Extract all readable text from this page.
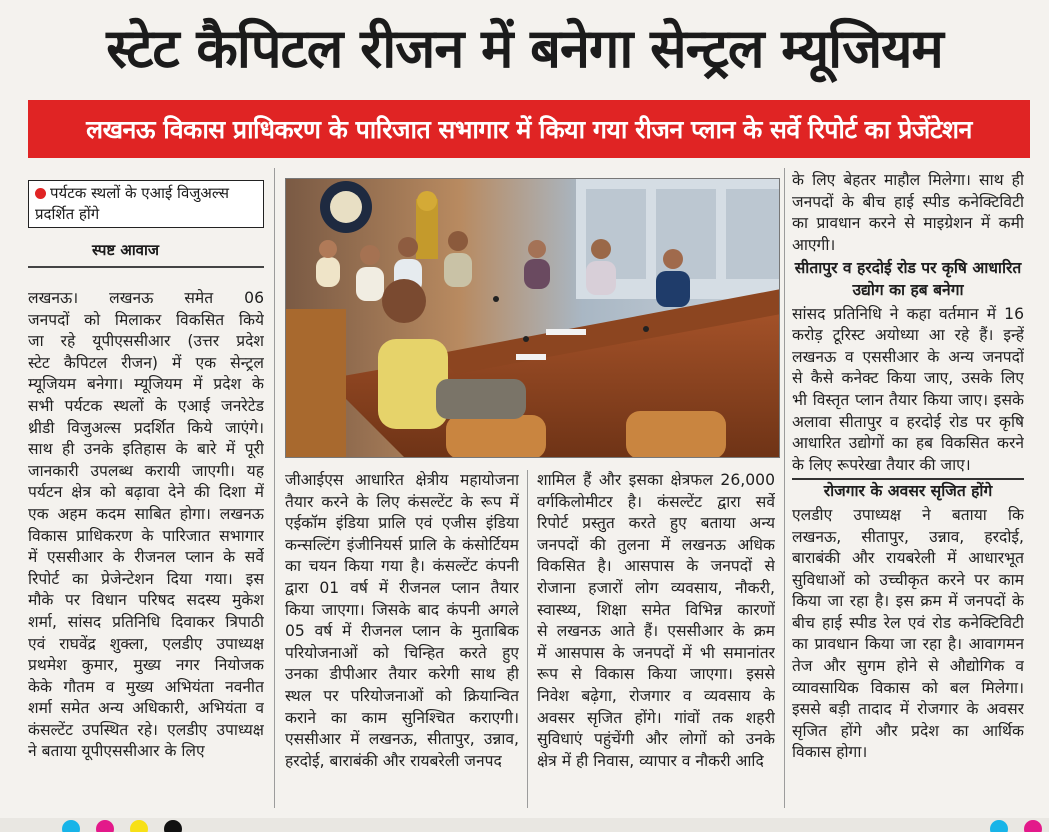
स्टेट कैपिटल रीजन में बनेगा सेन्ट्रल म्यूजियम
लखनऊ विकास प्राधिकरण के पारिजात सभागार में किया गया रीजन प्लान के सर्वे रिपोर्ट का प्रेजेंटेशन
पर्यटक स्थलों के एआई विजुअल्स
प्रदर्शित होंगे
स्पष्ट आवाज
लखनऊ। लखनऊ समेत 06
जनपदों को मिलाकर विकसित किये
जा रहे यूपीएससीआर (उत्तर प्रदेश
स्टेट कैपिटल रीजन) में एक सेन्ट्रल
म्यूजियम बनेगा। म्यूजियम में प्रदेश के
सभी पर्यटक स्थलों के एआई जनरेटेड
थ्रीडी विजुअल्स प्रदर्शित किये जाएंगे।
साथ ही उनके इतिहास के बारे में पूरी
जानकारी उपलब्ध करायी जाएगी। यह
पर्यटन क्षेत्र को बढ़ावा देने की दिशा में
एक अहम कदम साबित होगा। लखनऊ
विकास प्राधिकरण के पारिजात सभागार
में एससीआर के रीजनल प्लान के सर्वे
रिपोर्ट का प्रेजेन्टेशन दिया गया। इस
मौके पर विधान परिषद सदस्य मुकेश
शर्मा, सांसद प्रतिनिधि दिवाकर त्रिपाठी
एवं राघवेंद्र शुक्ला, एलडीए उपाध्यक्ष
प्रथमेश कुमार, मुख्य नगर नियोजक
केके गौतम व मुख्य अभियंता नवनीत
शर्मा समेत अन्य अधिकारी, अभियंता व
कंसल्टेंट उपस्थित रहे। एलडीए उपाध्यक्ष
ने बताया यूपीएससीआर के लिए
जीआईएस आधारित क्षेत्रीय महायोजना
तैयार करने के लिए कंसल्टेंट के रूप में
एईकॉम इंडिया प्रालि एवं एजीस इंडिया
कन्सल्टिंग इंजीनियर्स प्रालि के कंसोर्टियम
का चयन किया गया है। कंसल्टेंट कंपनी
द्वारा 01 वर्ष में रीजनल प्लान तैयार
किया जाएगा। जिसके बाद कंपनी अगले
05 वर्ष में रीजनल प्लान के मुताबिक
परियोजनाओं को चिन्हित करते हुए
उनका डीपीआर तैयार करेगी साथ ही
स्थल पर परियोजनाओं को क्रियान्वित
कराने का काम सुनिश्चित कराएगी।
एससीआर में लखनऊ, सीतापुर, उन्नाव,
हरदोई, बाराबंकी और रायबरेली जनपद
शामिल हैं और इसका क्षेत्रफल 26,000
वर्गकिलोमीटर है। कंसल्टेंट द्वारा सर्वे
रिपोर्ट प्रस्तुत करते हुए बताया अन्य
जनपदों की तुलना में लखनऊ अधिक
विकसित है। आसपास के जनपदों से
रोजाना हजारों लोग व्यवसाय, नौकरी,
स्वास्थ्य, शिक्षा समेत विभिन्न कारणों
से लखनऊ आते हैं। एससीआर के क्रम
में आसपास के जनपदों में भी समानांतर
रूप से विकास किया जाएगा। इससे
निवेश बढ़ेगा, रोजगार व व्यवसाय के
अवसर सृजित होंगे। गांवों तक शहरी
सुविधाएं पहुंचेंगी और लोगों को उनके
क्षेत्र में ही निवास, व्यापार व नौकरी आदि
के लिए बेहतर माहौल मिलेगा। साथ ही
जनपदों के बीच हाई स्पीड कनेक्टिविटी
का प्रावधान करने से माइग्रेशन में कमी
आएगी।
सीतापुर व हरदोई रोड पर कृषि आधारित उद्योग का हब बनेगा
सांसद प्रतिनिधि ने कहा वर्तमान में 16
करोड़ टूरिस्ट अयोध्या आ रहे हैं। इन्हें
लखनऊ व एससीआर के अन्य जनपदों
से कैसे कनेक्ट किया जाए, उसके लिए
भी विस्तृत प्लान तैयार किया जाए। इसके
अलावा सीतापुर व हरदोई रोड पर कृषि
आधारित उद्योगों का हब विकसित करने
के लिए रूपरेखा तैयार की जाए।
रोजगार के अवसर सृजित होंगे
एलडीए उपाध्यक्ष ने बताया कि
लखनऊ, सीतापुर, उन्नाव, हरदोई,
बाराबंकी और रायबरेली में आधारभूत
सुविधाओं को उच्चीकृत करने पर काम
किया जा रहा है। इस क्रम में जनपदों के
बीच हाई स्पीड रेल एवं रोड कनेक्टिविटी
का प्रावधान किया जा रहा है। आवागमन
तेज और सुगम होने से औद्योगिक व
व्यावसायिक विकास को बल मिलेगा।
इससे बड़ी तादाद में रोजगार के अवसर
सृजित होंगे और प्रदेश का आर्थिक
विकास होगा।
